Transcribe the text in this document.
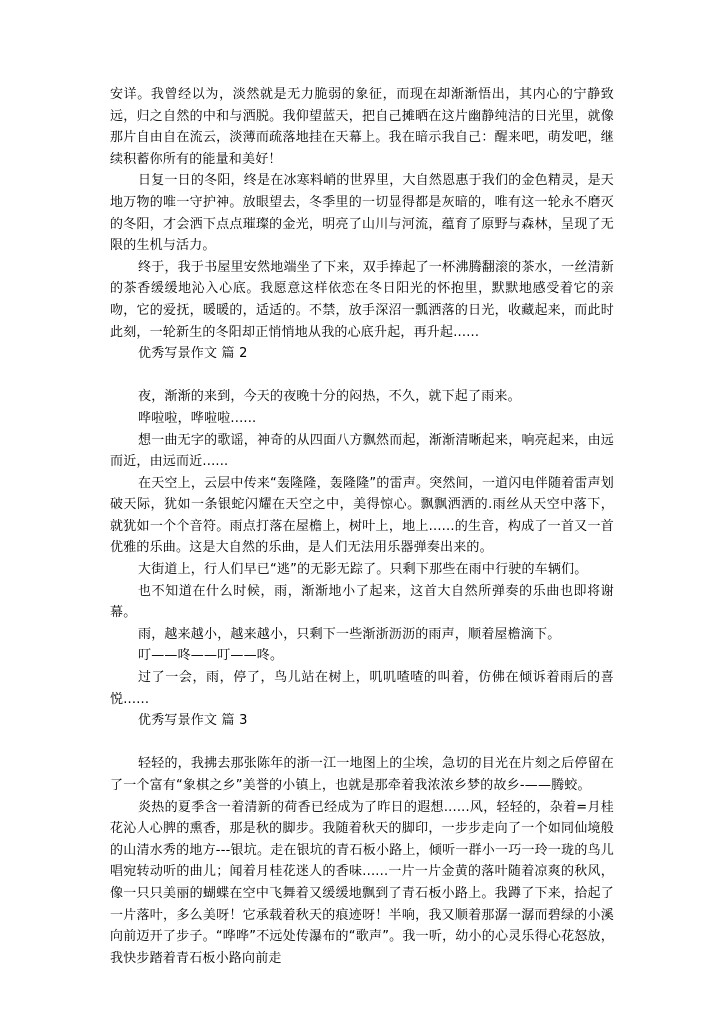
安详。我曾经以为，淡然就是无力脆弱的象征，而现在却渐渐悟出，其内心的宁静致远，归之自然的中和与洒脱。我仰望蓝天，把自己摊晒在这片幽静纯洁的日光里，就像那片自由自在流云，淡薄而疏落地挂在天幕上。我在暗示我自己：醒来吧，萌发吧，继续积蓄你所有的能量和美好！

日复一日的冬阳，终是在冰寒料峭的世界里，大自然恩惠于我们的金色精灵，是天地万物的唯一守护神。放眼望去，冬季里的一切显得都是灰暗的，唯有这一轮永不磨灭的冬阳，才会洒下点点璀璨的金光，明亮了山川与河流，蕴育了原野与森林，呈现了无限的生机与活力。

终于，我于书屋里安然地端坐了下来，双手捧起了一杯沸腾翻滚的茶水，一丝清新的茶香缓缓地沁入心底。我愿意这样依恋在冬日阳光的怀抱里，默默地感受着它的亲吻，它的爱抚，暖暖的，适适的。不禁，放手深沼一瓢洒落的日光，收藏起来，而此时此刻，一轮新生的冬阳却正悄悄地从我的心底升起，再升起......

优秀写景作文 篇 2

夜，渐渐的来到，今天的夜晚十分的闷热，不久，就下起了雨来。

哗啦啦，哗啦啦......

想一曲无字的歌谣，神奇的从四面八方飘然而起，渐渐清晰起来，响亮起来，由远而近，由远而近......

在天空上，云层中传来“轰隆隆，轰隆隆”的雷声。突然间，一道闪电伴随着雷声划破天际，犹如一条银蛇闪耀在天空之中，美得惊心。飘飘洒洒的.雨丝从天空中落下，就犹如一个个音符。雨点打落在屋檐上，树叶上，地上......的生音，构成了一首又一首优雅的乐曲。这是大自然的乐曲，是人们无法用乐器弹奏出来的。

大街道上，行人们早已“逃”的无影无踪了。只剩下那些在雨中行驶的车辆们。

也不知道在什么时候，雨，渐渐地小了起来，这首大自然所弹奏的乐曲也即将谢幕。

雨，越来越小，越来越小，只剩下一些渐浙沥沥的雨声，顺着屋檐滴下。

叮——咚——叮——咚。

过了一会，雨，停了，鸟儿站在树上，叽叽喳喳的叫着，仿佛在倾诉着雨后的喜悦......

优秀写景作文 篇 3

轻轻的，我拂去那张陈年的浙一江一地图上的尘埃，急切的目光在片刻之后停留在了一个富有“象棋之乡”美誉的小镇上，也就是那牵着我浓浓乡梦的故乡-——腾蛟。

炎热的夏季含一着清新的荷香已经成为了昨日的遐想......风，轻轻的，杂着=月桂花沁人心脾的熏香，那是秋的脚步。我随着秋天的脚印，一步步走向了一个如同仙境般的山清水秀的地方---银坑。走在银坑的青石板小路上，倾听一群小一巧一玲一珑的鸟儿唱宛转动听的曲儿；闻着月桂花迷人的香味......一片一片金黄的落叶随着凉爽的秋风，像一只只美丽的蝴蝶在空中飞舞着又缓缓地飘到了青石板小路上。我蹲了下来，拾起了一片落叶，多么美呀！它承载着秋天的痕迹呀！半响，我又顺着那潺一潺而碧绿的小溪向前迈开了步子。“哗哗”不远处传瀑布的“歌声”。我一听，幼小的心灵乐得心花怒放，我快步踏着青石板小路向前走
